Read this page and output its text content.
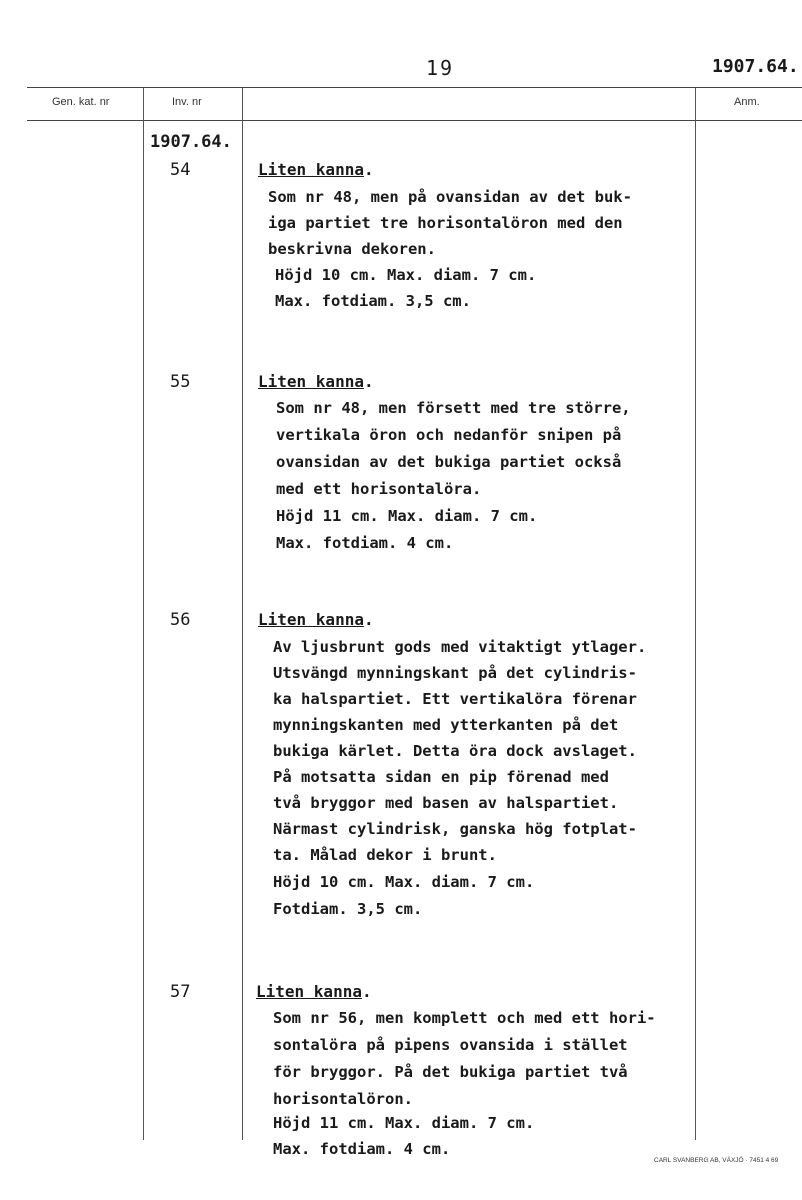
19	1907.64.
Gen. kat. nr	Inv. nr	Anm.
1907.64.
54	Liten kanna.
Som nr 48, men på ovansidan av det buk-
iga partiet tre horisontalöron med den
beskrivna dekoren.
Höjd 10 cm. Max. diam. 7 cm.
Max. fotdiam. 3,5 cm.
55	Liten kanna.
Som nr 48, men försett med tre större,
vertikala öron och nedanför snipen på
ovansidan av det bukiga partiet också
med ett horisontalöra.
Höjd 11 cm. Max. diam. 7 cm.
Max. fotdiam. 4 cm.
56	Liten kanna.
Av ljusbrunt gods med vitaktigt ytlager.
Utsvängd mynningskant på det cylindris-
ka halspartiet. Ett vertikalöra förenar
mynningskanten med ytterkanten på det
bukiga kärlet. Detta öra dock avslaget.
På motsatta sidan en pip förenad med
två bryggor med basen av halspartiet.
Närmast cylindrisk, ganska hög fotplat-
ta. Målad dekor i brunt.
Höjd 10 cm. Max. diam. 7 cm.
Fotdiam. 3,5 cm.
57	Liten kanna.
Som nr 56, men komplett och med ett hori-
sontalöra på pipens ovansida i stället
för bryggor. På det bukiga partiet två
horisontalöron.
Höjd 11 cm. Max. diam. 7 cm.
Max. fotdiam. 4 cm.
CARL SVANBERG AB, VÄXJÖ · 7451 4 69
